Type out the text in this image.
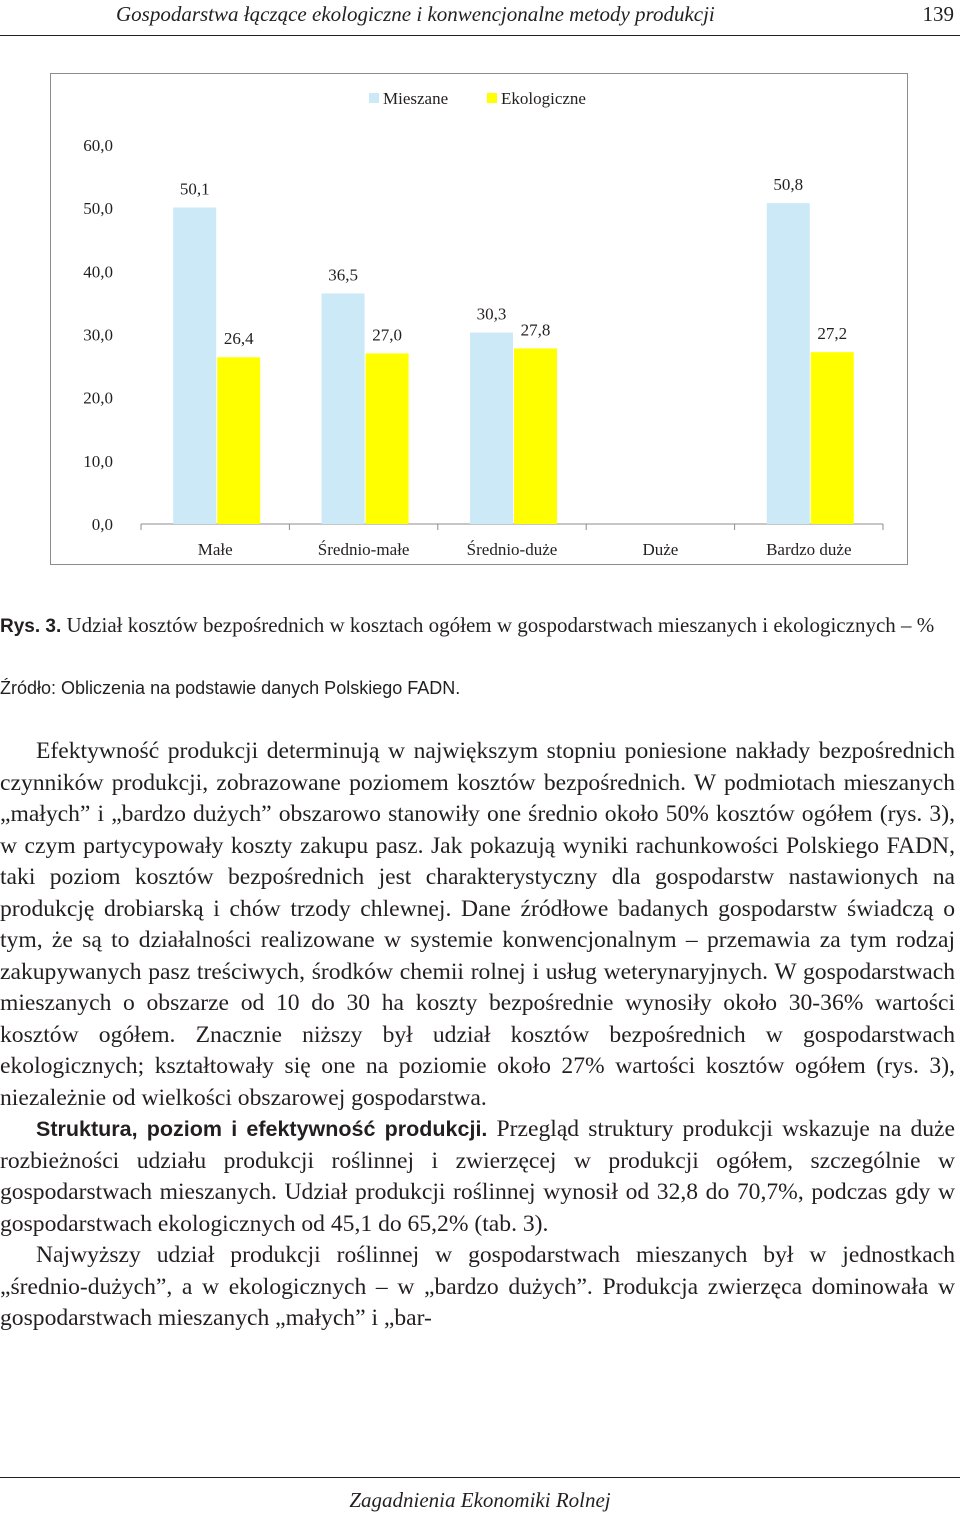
Gospodarstwa łączące ekologiczne i konwencjonalne metody produkcji	139
0,0
10,0
20,0
30,0
40,0
50,0
60,0
50,1
36,5
30,3
50,8
26,4	27,0	27,8	27,2
Małe	Średnio-małe	Średnio-duże	Duże	Bardzo duże
Mieszane	Ekologiczne
Rys. 3. Udział kosztów bezpośrednich w kosztach ogółem w gospodarstwach mieszanych i ekologicznych – %
Źródło: Obliczenia na podstawie danych Polskiego FADN.

Efektywność produkcji determinują w największym stopniu poniesione nakłady bezpośrednich czynników produkcji, zobrazowane poziomem kosztów bezpośrednich. W podmiotach mieszanych „małych” i „bardzo dużych” obszarowo stanowiły one średnio około 50% kosztów ogółem (rys. 3), w czym partycypowały koszty zakupu pasz. Jak pokazują wyniki rachunkowości Polskiego FADN, taki poziom kosztów bezpośrednich jest charakterystyczny dla gospodarstw nastawionych na produkcję drobiarską i chów trzody chlewnej. Dane źródłowe badanych gospodarstw świadczą o tym, że są to działalności realizowane w systemie konwencjonalnym – przemawia za tym rodzaj zakupywanych pasz treściwych, środków chemii rolnej i usług weterynaryjnych. W gospodarstwach mieszanych o obszarze od 10 do 30 ha koszty bezpośrednie wynosiły około 30-36% wartości kosztów ogółem. Znacznie niższy był udział kosztów bezpośrednich w gospodarstwach ekologicznych; kształtowały się one na poziomie około 27% wartości kosztów ogółem (rys. 3), niezależnie od wielkości obszarowej gospodarstwa.

Struktura, poziom i efektywność produkcji. Przegląd struktury produkcji wskazuje na duże rozbieżności udziału produkcji roślinnej i zwierzęcej w produkcji ogółem, szczególnie w gospodarstwach mieszanych. Udział produkcji roślinnej wynosił od 32,8 do 70,7%, podczas gdy w gospodarstwach ekologicznych od 45,1 do 65,2% (tab. 3).

Najwyższy udział produkcji roślinnej w gospodarstwach mieszanych był w jednostkach „średnio-dużych”, a w ekologicznych – w „bardzo dużych”. Produkcja zwierzęca dominowała w gospodarstwach mieszanych „małych” i „bar-

Zagadnienia Ekonomiki Rolnej
